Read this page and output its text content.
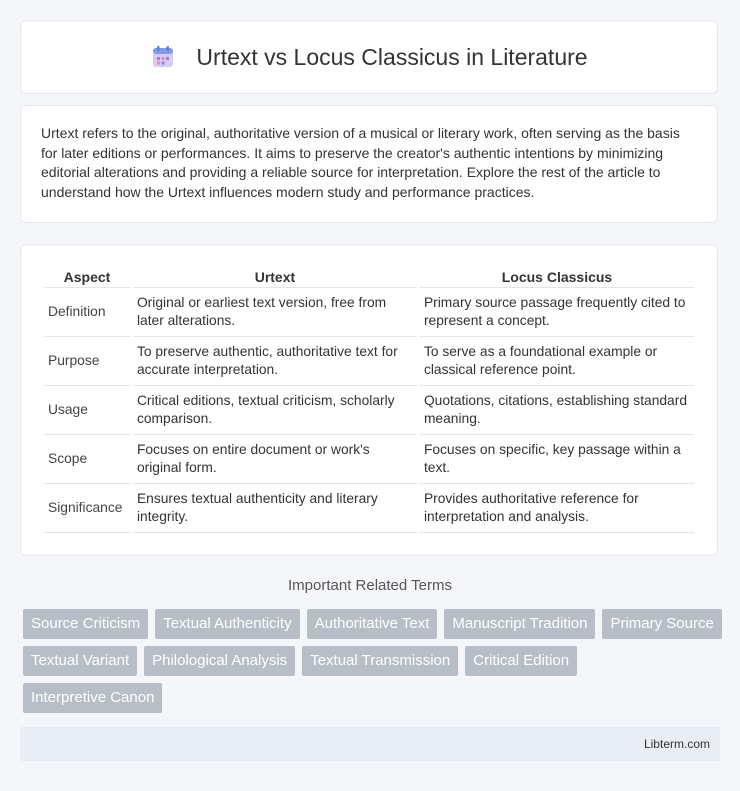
Urtext vs Locus Classicus in Literature

Urtext refers to the original, authoritative version of a musical or literary work, often serving as the basis for later editions or performances. It aims to preserve the creator's authentic intentions by minimizing editorial alterations and providing a reliable source for interpretation. Explore the rest of the article to understand how the Urtext influences modern study and performance practices.

Aspect	Urtext	Locus Classicus
Definition	Original or earliest text version, free from later alterations.	Primary source passage frequently cited to represent a concept.
Purpose	To preserve authentic, authoritative text for accurate interpretation.	To serve as a foundational example or classical reference point.
Usage	Critical editions, textual criticism, scholarly comparison.	Quotations, citations, establishing standard meaning.
Scope	Focuses on entire document or work's original form.	Focuses on specific, key passage within a text.
Significance	Ensures textual authenticity and literary integrity.	Provides authoritative reference for interpretation and analysis.
Important Related Terms
Source Criticism	Textual Authenticity	Authoritative Text	Manuscript Tradition	Primary Source
Textual Variant	Philological Analysis	Textual Transmission	Critical Edition
Interpretive Canon
Libterm.com
